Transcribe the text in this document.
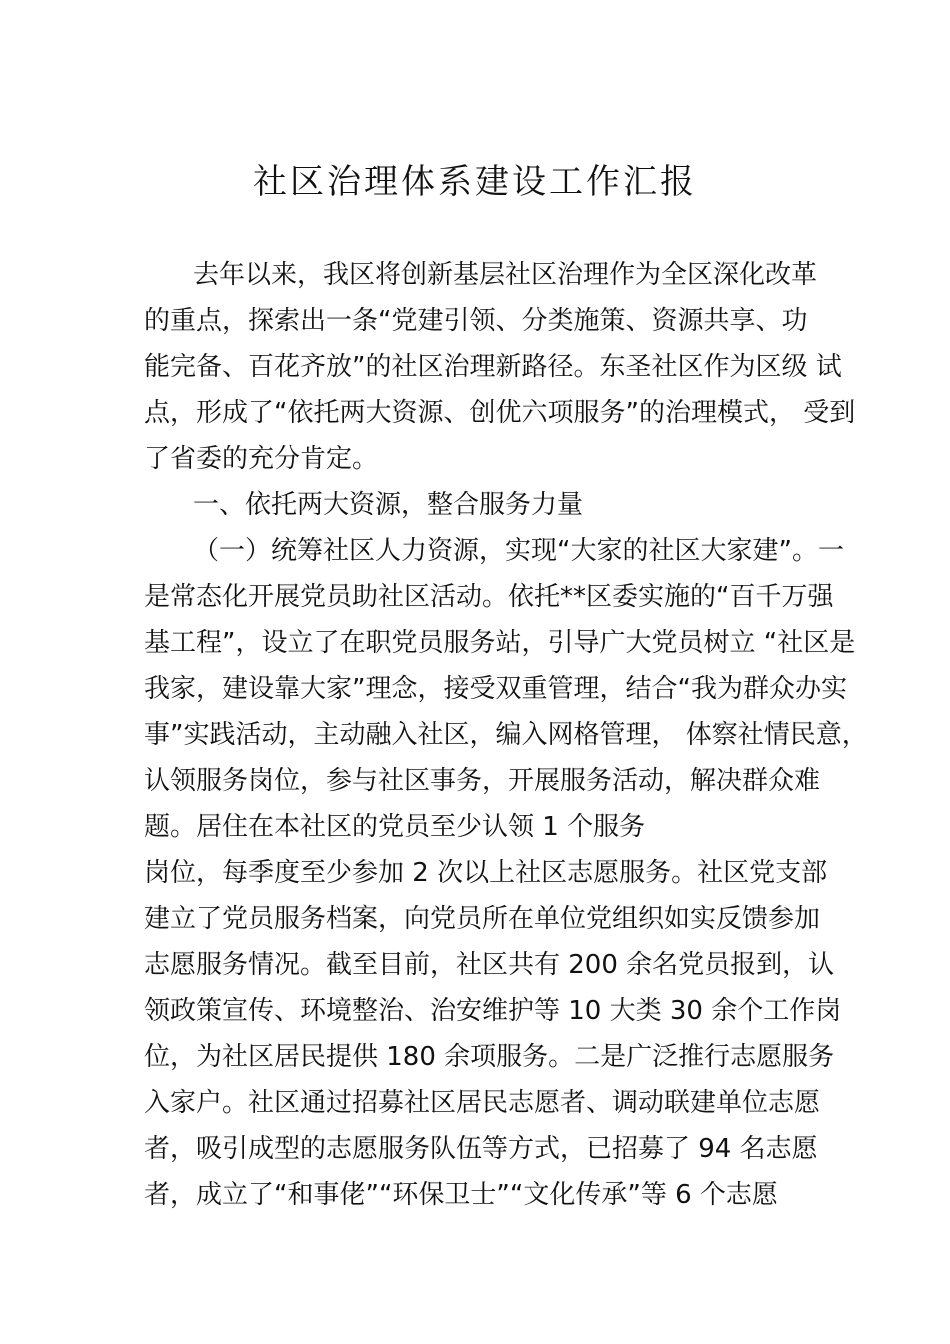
社区治理体系建设工作汇报
去年以来，我区将创新基层社区治理作为全区深化改革
的重点，探索出一条“党建引领、分类施策、资源共享、功
能完备、百花齐放”的社区治理新路径。东圣社区作为区级 试
点，形成了“依托两大资源、创优六项服务”的治理模式， 受到
了省委的充分肯定。
一、依托两大资源，整合服务力量
（一）统筹社区人力资源，实现“大家的社区大家建”。一
是常态化开展党员助社区活动。依托**区委实施的“百千万强
基工程”，设立了在职党员服务站，引导广大党员树立 “社区是
我家，建设靠大家”理念，接受双重管理，结合“我为群众办实
事”实践活动，主动融入社区，编入网格管理， 体察社情民意，
认领服务岗位，参与社区事务，开展服务活动，解决群众难
题。居住在本社区的党员至少认领 1 个服务
岗位，每季度至少参加 2 次以上社区志愿服务。社区党支部
建立了党员服务档案，向党员所在单位党组织如实反馈参加
志愿服务情况。截至目前，社区共有 200 余名党员报到，认
领政策宣传、环境整治、治安维护等 10 大类 30 余个工作岗
位，为社区居民提供 180 余项服务。二是广泛推行志愿服务
入家户。社区通过招募社区居民志愿者、调动联建单位志愿
者，吸引成型的志愿服务队伍等方式，已招募了 94 名志愿
者，成立了“和事佬”“环保卫士”“文化传承”等 6 个志愿
